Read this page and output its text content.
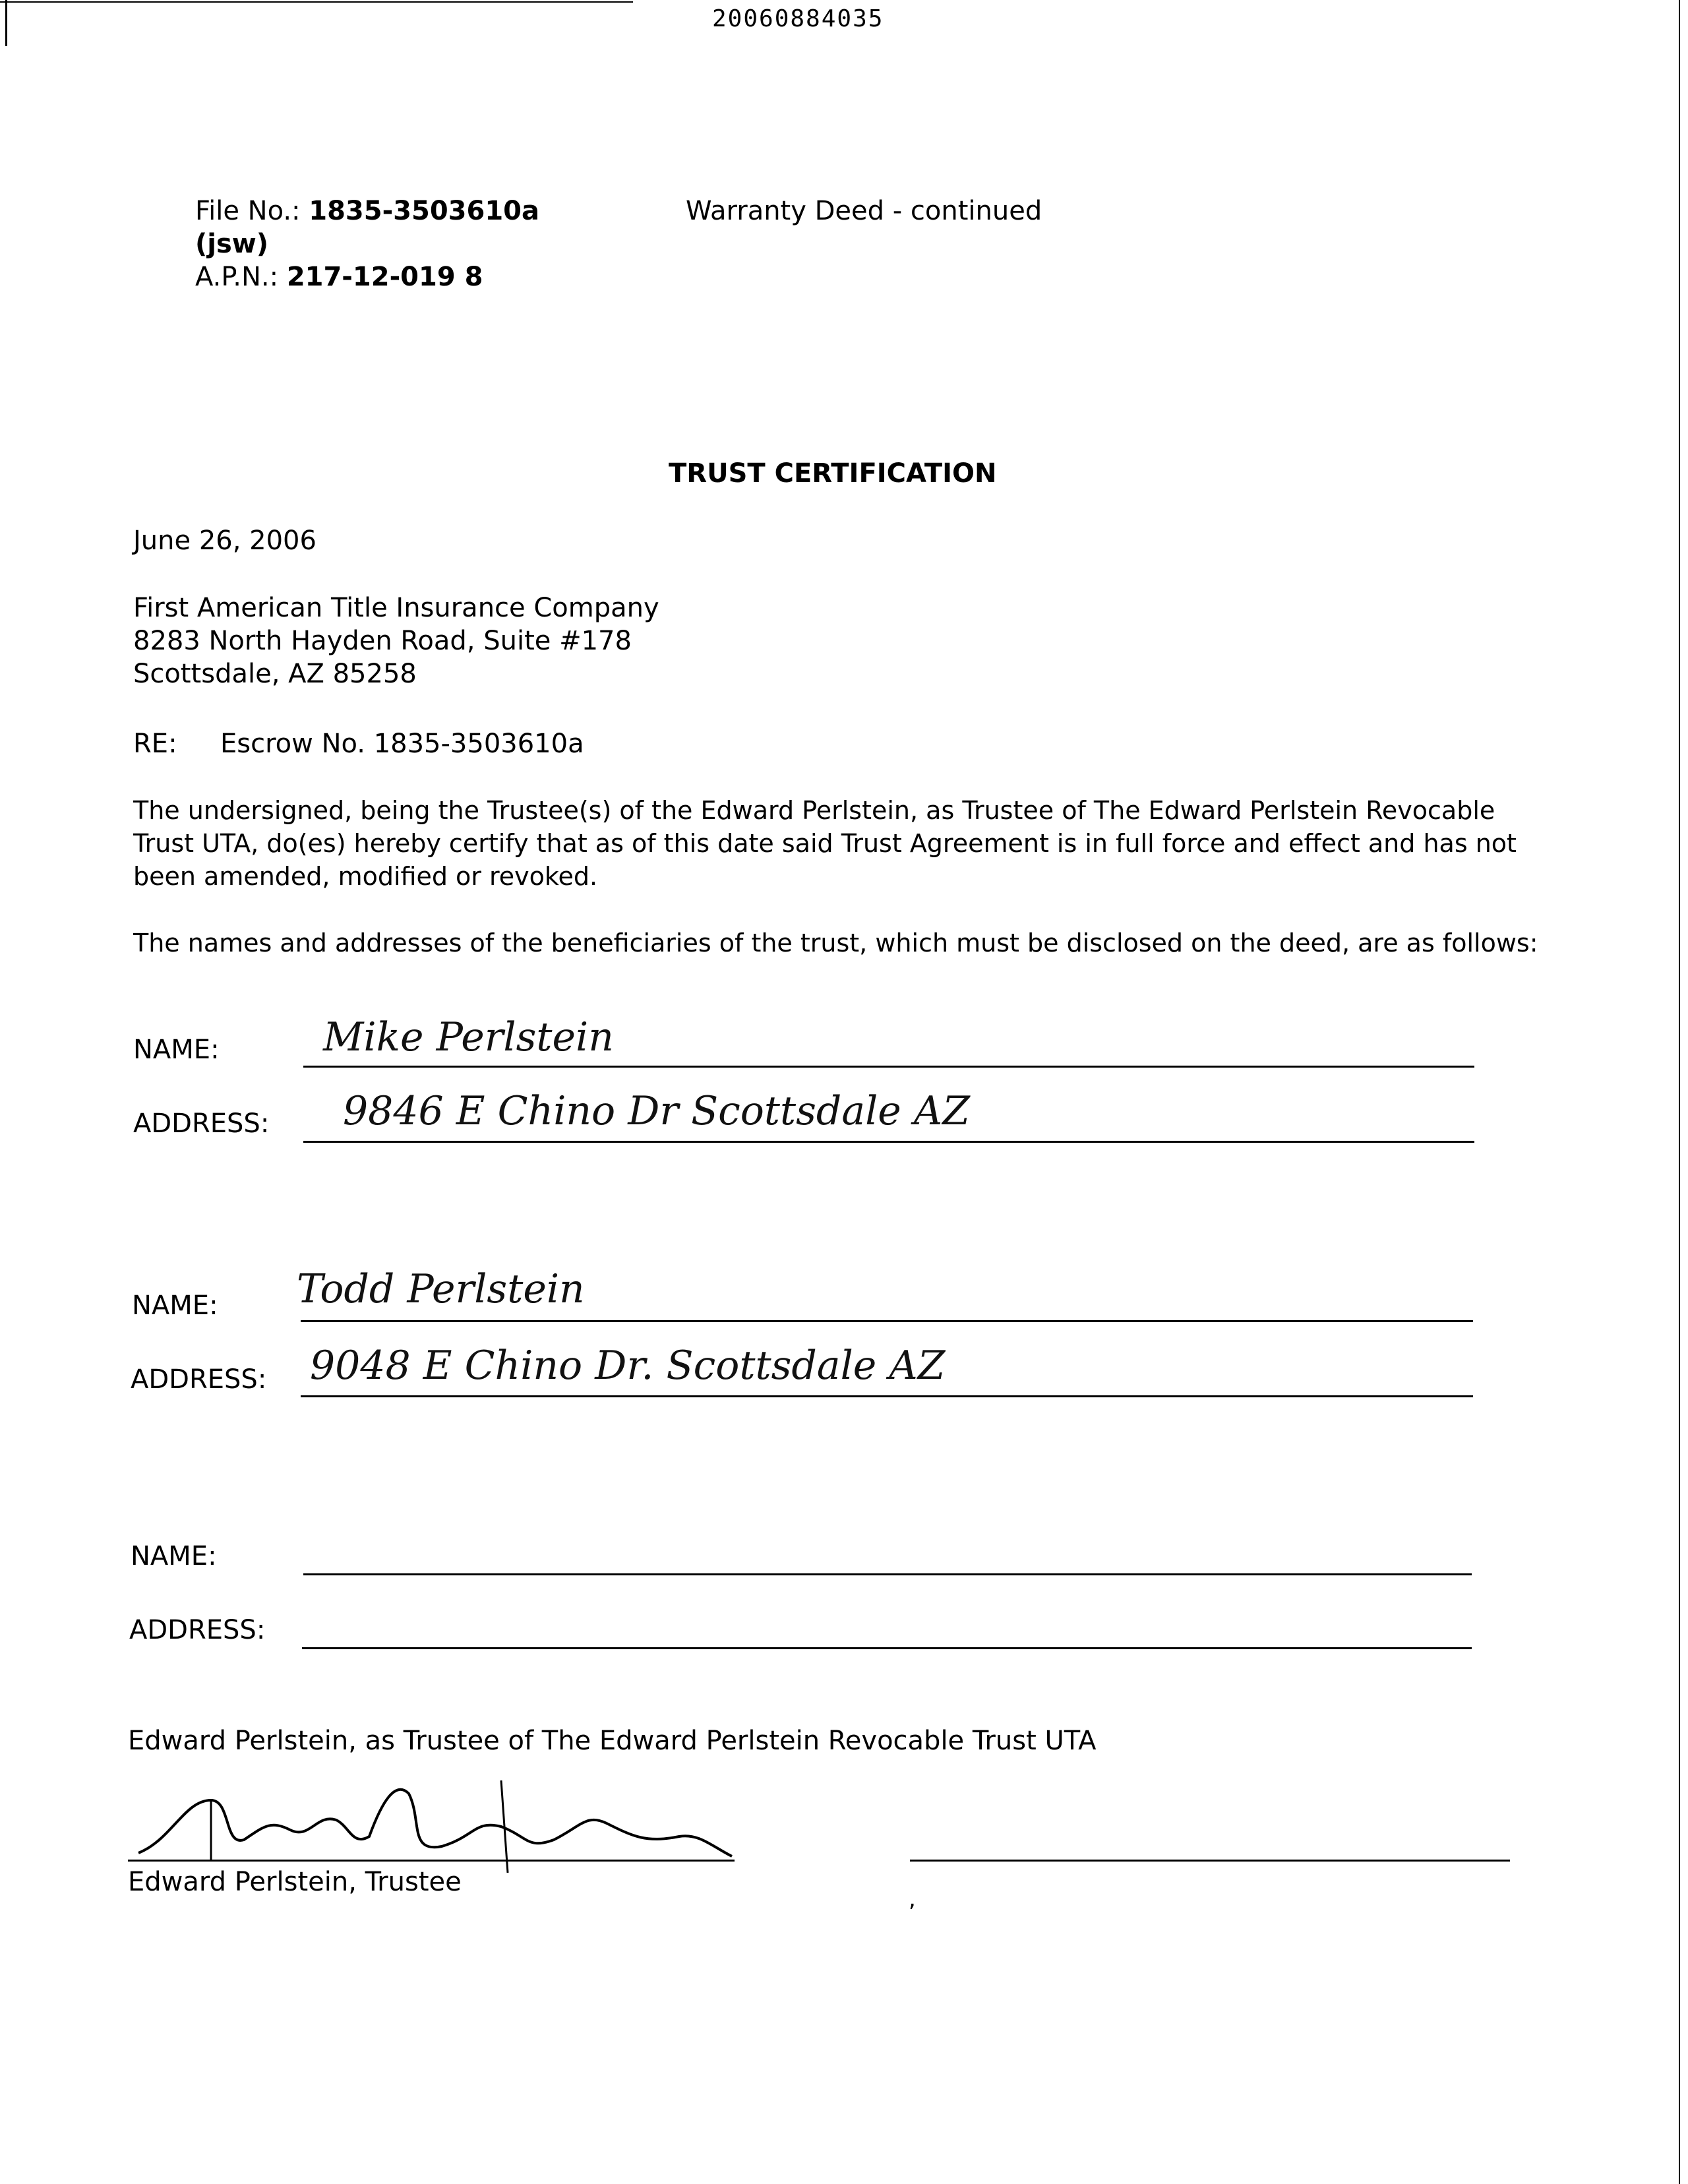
20060884035
File No.: 1835-3503610a
(jsw)
A.P.N.: 217-12-019 8
Warranty Deed - continued
TRUST CERTIFICATION
June 26, 2006
First American Title Insurance Company
8283 North Hayden Road, Suite #178
Scottsdale, AZ 85258
RE: Escrow No. 1835-3503610a
The undersigned, being the Trustee(s) of the Edward Perlstein, as Trustee of The Edward Perlstein Revocable Trust UTA, do(es) hereby certify that as of this date said Trust Agreement is in full force and effect and has not been amended, modified or revoked.
The names and addresses of the beneficiaries of the trust, which must be disclosed on the deed, are as follows:
NAME:	Mike Perlstein
ADDRESS: 9846 E Chino Dr Scottsdale AZ
NAME: Todd Perlstein
ADDRESS: 9048 E Chino Dr. Scottsdale AZ
NAME:
ADDRESS:
Edward Perlstein, as Trustee of The Edward Perlstein Revocable Trust UTA
Edward Perlstein, Trustee
,
